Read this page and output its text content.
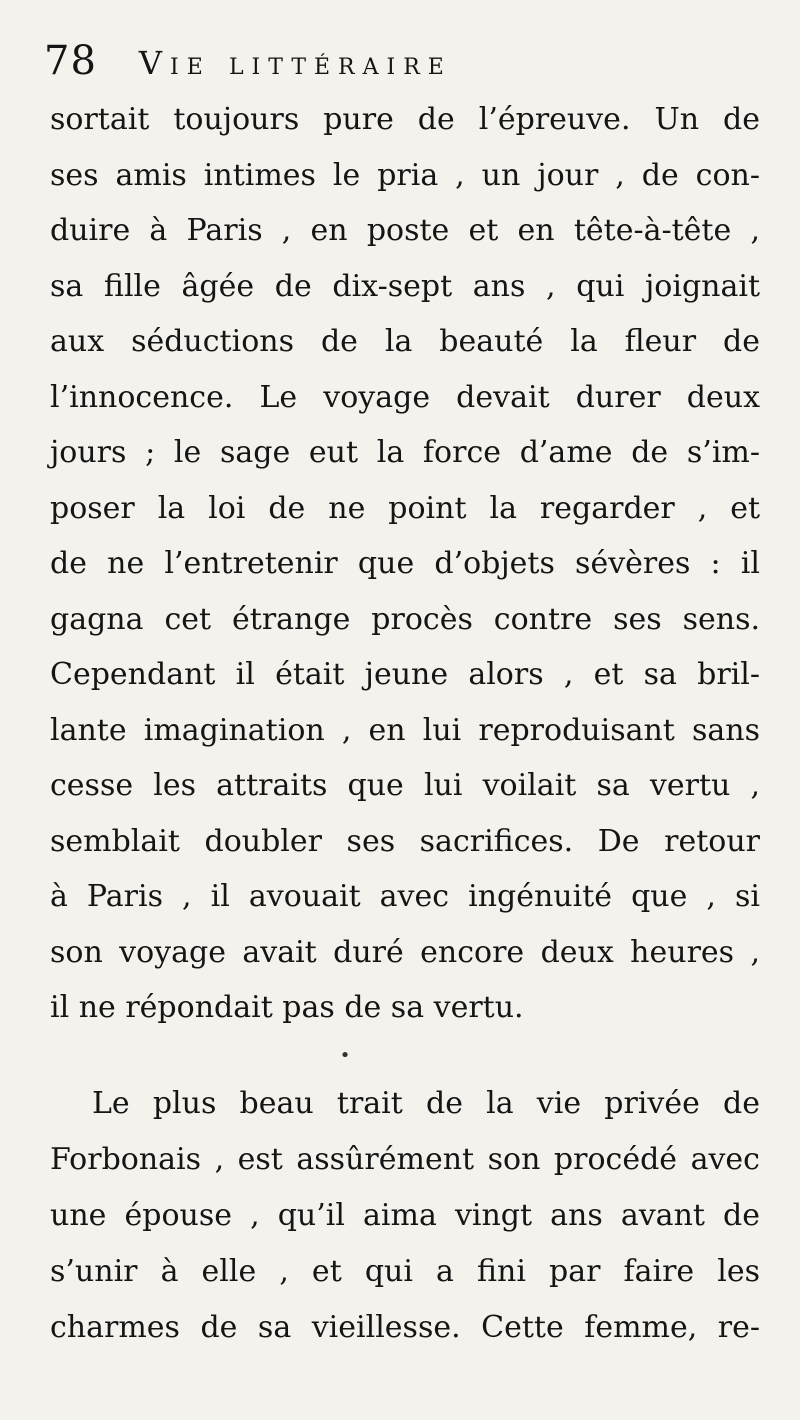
78 Vie littéraire
sortait toujours pure de l’épreuve. Un de
ses amis intimes le pria , un jour , de con-
duire à Paris , en poste et en tête-à-tête ,
sa fille âgée de dix-sept ans , qui joignait
aux séductions de la beauté la fleur de
l’innocence. Le voyage devait durer deux
jours ; le sage eut la force d’ame de s’im-
poser la loi de ne point la regarder , et
de ne l’entretenir que d’objets sévères : il
gagna cet étrange procès contre ses sens.
Cependant il était jeune alors , et sa bril-
lante imagination , en lui reproduisant sans
cesse les attraits que lui voilait sa vertu ,
semblait doubler ses sacrifices. De retour
à Paris , il avouait avec ingénuité que , si
son voyage avait duré encore deux heures ,
il ne répondait pas de sa vertu.
•
Le plus beau trait de la vie privée de
Forbonais , est assûrément son procédé avec
une épouse , qu’il aima vingt ans avant de
s’unir à elle , et qui a fini par faire les
charmes de sa vieillesse. Cette femme, re-
